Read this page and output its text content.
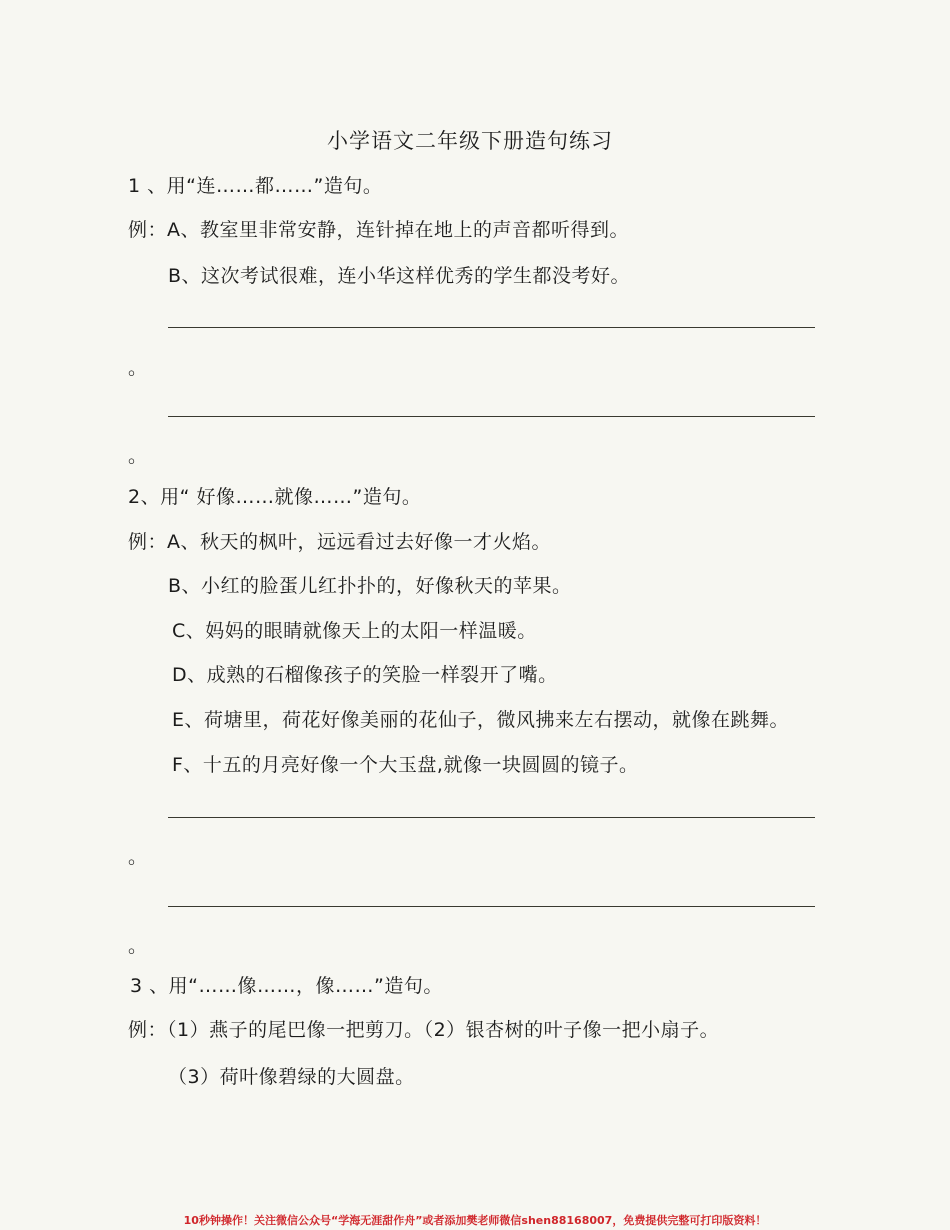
小学语文二年级下册造句练习
1 、用“连……都……”造句。
例：A、教室里非常安静，连针掉在地上的声音都听得到。
B、这次考试很难，连小华这样优秀的学生都没考好。
。
。
2、用“ 好像……就像……”造句。
例：A、秋天的枫叶，远远看过去好像一才火焰。
B、小红的脸蛋儿红扑扑的，好像秋天的苹果。
C、妈妈的眼睛就像天上的太阳一样温暖。
D、成熟的石榴像孩子的笑脸一样裂开了嘴。
E、荷塘里，荷花好像美丽的花仙子，微风拂来左右摆动，就像在跳舞。
F、十五的月亮好像一个大玉盘,就像一块圆圆的镜子。
。
。
3 、用“……像……，像……”造句。
例：（1）燕子的尾巴像一把剪刀。（2）银杏树的叶子像一把小扇子。
（3）荷叶像碧绿的大圆盘。
10秒钟操作！关注微信公众号“学海无涯甜作舟”或者添加樊老师微信shen88168007，免费提供完整可打印版资料！
